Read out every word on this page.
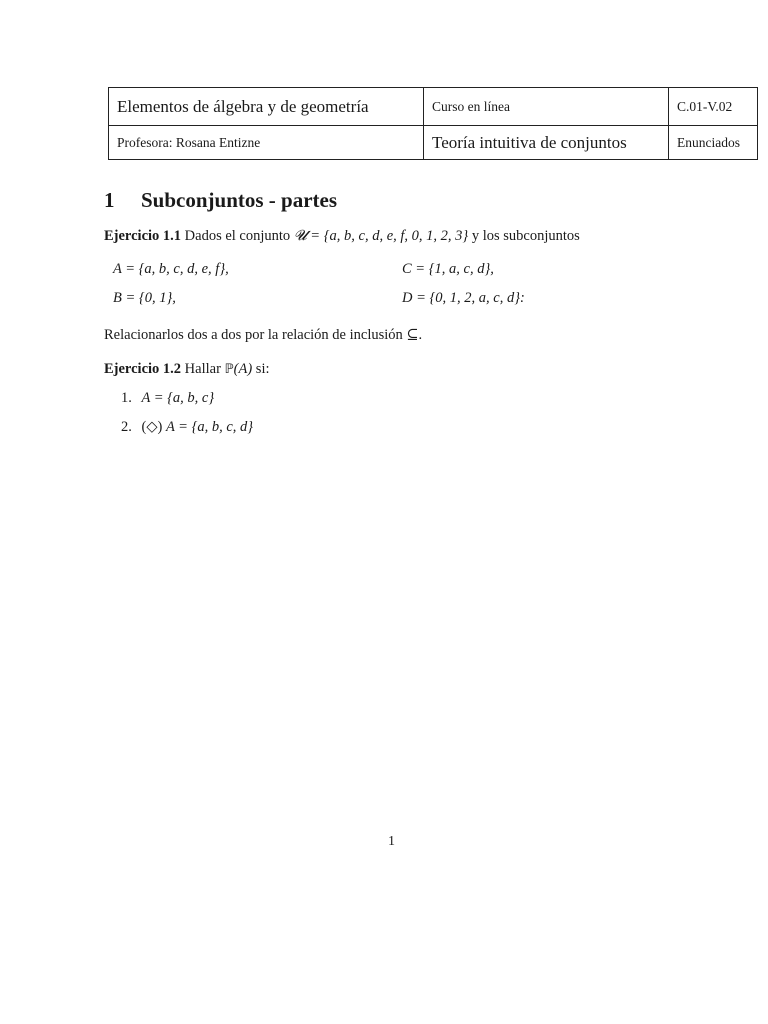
Elementos de álgebra y de geometría	Curso en línea	C.01-V.02
Profesora: Rosana Entizne	Teoría intuitiva de conjuntos	Enunciados
1 Subconjuntos - partes
Ejercicio 1.1 Dados el conjunto 𝓤 = {a, b, c, d, e, f, 0, 1, 2, 3} y los subconjuntos
A = {a, b, c, d, e, f},	C = {1, a, c, d},
B = {0, 1},	D = {0, 1, 2, a, c, d}:
Relacionarlos dos a dos por la relación de inclusión ⊆.
Ejercicio 1.2 Hallar ℙ(A) si:
1. A = {a, b, c}
2. (◇) A = {a, b, c, d}
1
